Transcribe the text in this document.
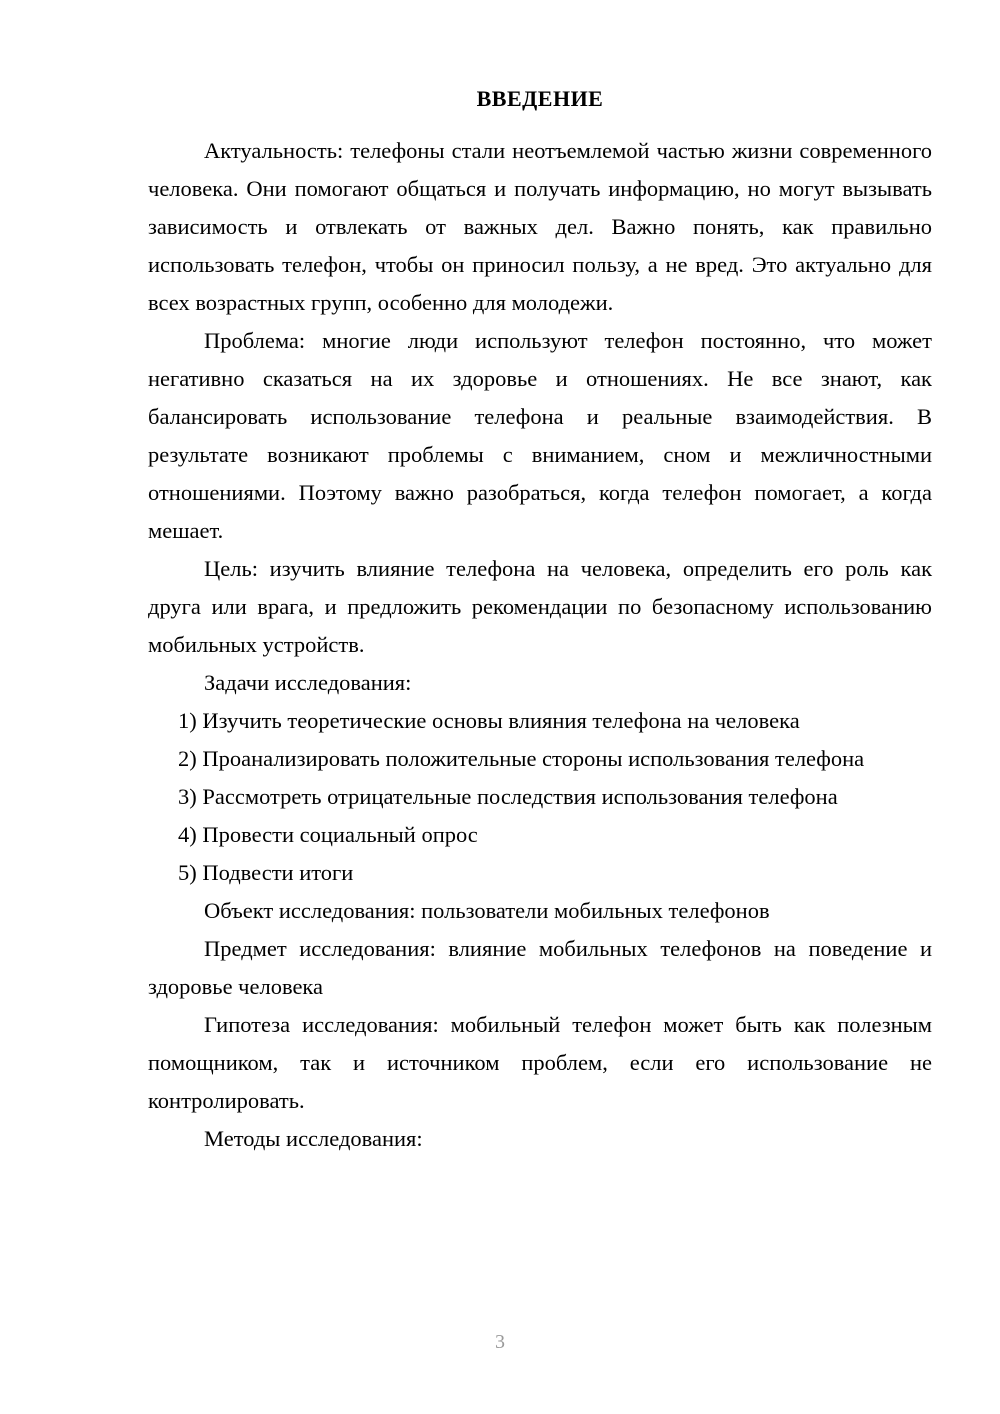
ВВЕДЕНИЕ

Актуальность: телефоны стали неотъемлемой частью жизни современного человека. Они помогают общаться и получать информацию, но могут вызывать зависимость и отвлекать от важных дел. Важно понять, как правильно использовать телефон, чтобы он приносил пользу, а не вред. Это актуально для всех возрастных групп, особенно для молодежи.

Проблема: многие люди используют телефон постоянно, что может негативно сказаться на их здоровье и отношениях. Не все знают, как балансировать использование телефона и реальные взаимодействия. В результате возникают проблемы с вниманием, сном и межличностными отношениями. Поэтому важно разобраться, когда телефон помогает, а когда мешает.

Цель: изучить влияние телефона на человека, определить его роль как друга или врага, и предложить рекомендации по безопасному использованию мобильных устройств.

Задачи исследования:

1) Изучить теоретические основы влияния телефона на человека

2) Проанализировать положительные стороны использования телефона

3) Рассмотреть отрицательные последствия использования телефона

4) Провести социальный опрос

5) Подвести итоги

Объект исследования: пользователи мобильных телефонов

Предмет исследования: влияние мобильных телефонов на поведение и здоровье человека

Гипотеза исследования: мобильный телефон может быть как полезным помощником, так и источником проблем, если его использование не контролировать.

Методы исследования:

3
